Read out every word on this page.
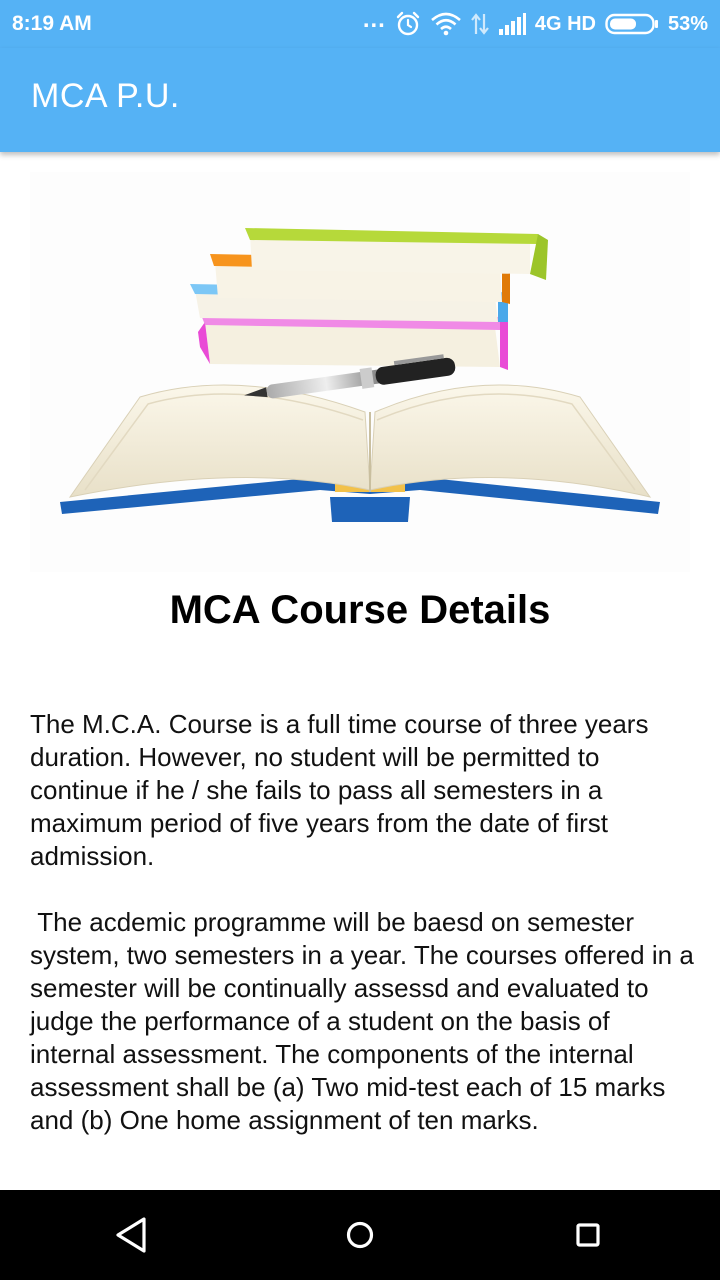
8:19 AM	...	4G HD	53%
MCA P.U.
MCA Course Details

The M.C.A. Course is a full time course of three years duration. However, no student will be permitted to continue if he / she fails to pass all semesters in a maximum period of five years from the date of first admission.

The acdemic programme will be baesd on semester system, two semesters in a year. The courses offered in a semester will be continually assessd and evaluated to judge the performance of a student on the basis of internal assessment. The components of the internal assessment shall be (a) Two mid-test each of 15 marks and (b) One home assignment of ten marks.
